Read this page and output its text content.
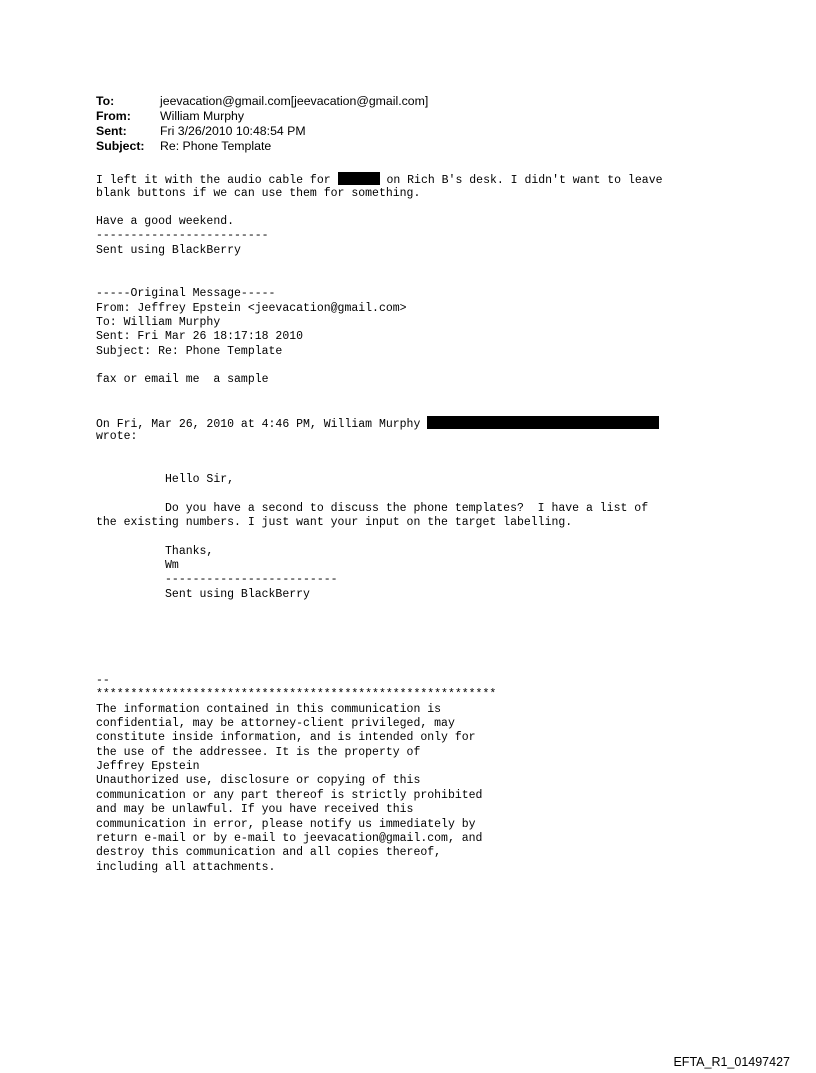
To:	jeevacation@gmail.com[jeevacation@gmail.com]
From:	William Murphy
Sent:	Fri 3/26/2010 10:48:54 PM
Subject:	Re: Phone Template
I left it with the audio cable for	on Rich B's desk. I didn't want to leave
blank buttons if we can use them for something.
Have a good weekend.
-------------------------
Sent using BlackBerry
-----Original Message-----
From: Jeffrey Epstein <jeevacation@gmail.com>
To: William Murphy
Sent: Fri Mar 26 18:17:18 2010
Subject: Re: Phone Template
fax or email me  a sample
On Fri, Mar 26, 2010 at 4:46 PM, William Murphy
wrote:
Hello Sir,
Do you have a second to discuss the phone templates?  I have a list of
the existing numbers. I just want your input on the target labelling.
Thanks,
Wm
-------------------------
Sent using BlackBerry
--
**********************************************************
The information contained in this communication is
confidential, may be attorney-client privileged, may
constitute inside information, and is intended only for
the use of the addressee. It is the property of
Jeffrey Epstein
Unauthorized use, disclosure or copying of this
communication or any part thereof is strictly prohibited
and may be unlawful. If you have received this
communication in error, please notify us immediately by
return e-mail or by e-mail to jeevacation@gmail.com, and
destroy this communication and all copies thereof,
including all attachments.
EFTA_R1_01497427
